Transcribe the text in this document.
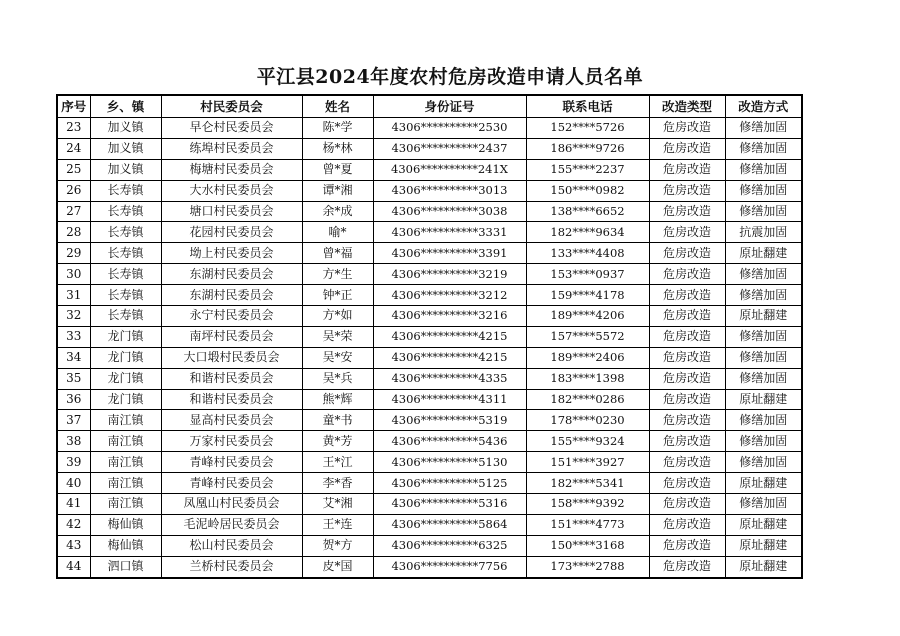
平江县2024年度农村危房改造申请人员名单
序号	乡、镇	村民委员会	姓名	身份证号	联系电话	改造类型	改造方式
23	加义镇	早仑村民委员会	陈*学	4306**********2530	152****5726	危房改造	修缮加固
24	加义镇	练埠村民委员会	杨*林	4306**********2437	186****9726	危房改造	修缮加固
25	加义镇	梅塘村民委员会	曾*夏	4306**********241X	155****2237	危房改造	修缮加固
26	长寿镇	大水村民委员会	谭*湘	4306**********3013	150****0982	危房改造	修缮加固
27	长寿镇	塘口村民委员会	余*成	4306**********3038	138****6652	危房改造	修缮加固
28	长寿镇	花园村民委员会	喻*	4306**********3331	182****9634	危房改造	抗震加固
29	长寿镇	坳上村民委员会	曾*福	4306**********3391	133****4408	危房改造	原址翻建
30	长寿镇	东湖村民委员会	方*生	4306**********3219	153****0937	危房改造	修缮加固
31	长寿镇	东湖村民委员会	钟*正	4306**********3212	159****4178	危房改造	修缮加固
32	长寿镇	永宁村民委员会	方*如	4306**********3216	189****4206	危房改造	原址翻建
33	龙门镇	南坪村民委员会	吴*荣	4306**********4215	157****5572	危房改造	修缮加固
34	龙门镇	大口塅村民委员会	吴*安	4306**********4215	189****2406	危房改造	修缮加固
35	龙门镇	和谐村民委员会	吴*兵	4306**********4335	183****1398	危房改造	修缮加固
36	龙门镇	和谐村民委员会	熊*辉	4306**********4311	182****0286	危房改造	原址翻建
37	南江镇	显高村民委员会	童*书	4306**********5319	178****0230	危房改造	修缮加固
38	南江镇	万家村民委员会	黄*芳	4306**********5436	155****9324	危房改造	修缮加固
39	南江镇	青峰村民委员会	王*江	4306**********5130	151****3927	危房改造	修缮加固
40	南江镇	青峰村民委员会	李*香	4306**********5125	182****5341	危房改造	原址翻建
41	南江镇	凤凰山村民委员会	艾*湘	4306**********5316	158****9392	危房改造	修缮加固
42	梅仙镇	毛泥岭居民委员会	王*连	4306**********5864	151****4773	危房改造	原址翻建
43	梅仙镇	松山村民委员会	贺*方	4306**********6325	150****3168	危房改造	原址翻建
44	泗口镇	兰桥村民委员会	皮*国	4306**********7756	173****2788	危房改造	原址翻建
